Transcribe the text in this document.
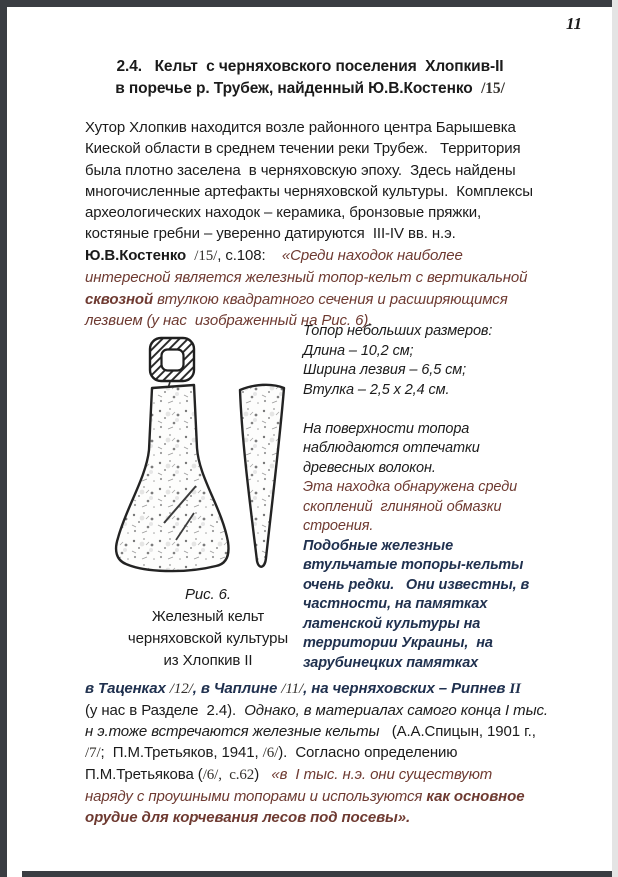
11
2.4.   Кельт  с черняховского поселения  Хлопкив-II
в поречье р. Трубеж, найденный Ю.В.Костенко  /15/
Хутор Хлопкив находится возле районного центра Барышевка
Киеской области в среднем течении реки Трубеж.   Территория
была плотно заселена  в черняховскую эпоху.  Здесь найдены
многочисленные артефакты черняховской культуры.  Комплексы
археологических находок – керамика, бронзовые пряжки,
костяные гребни – уверенно датируются  III-IV вв. н.э.
Ю.В.Костенко /15/, с.108:    «Среди находок наиболее
интересной является железный топор-кельт с вертикальной
сквозной втулкою квадратного сечения и расширяющимся
лезвием (у нас  изображенный на Рис. 6).
Рис. 6.
Железный кельт
черняховской культуры
из Хлопкив II
Топор небольших размеров:
Длина – 10,2 см;
Ширина лезвия – 6,5 см;
Втулка – 2,5 х 2,4 см.

На поверхности топора
наблюдаются отпечатки
древесных волокон.
Эта находка обнаружена среди
скоплений  глиняной обмазки
строения.
Подобные железные
втульчатые топоры-кельты
очень редки.   Они известны, в
частности, на памятках
латенской культуры на
территории Украины,  на
зарубинецких памятках
в Таценках /12/, в Чаплине /11/, на черняховских – Рипнев II
(у нас в Разделе  2.4).  Однако, в материалах самого конца I тыс.
н э.тоже встречаются железные кельты   (А.А.Спицын, 1901 г.,
/7/;  П.М.Третьяков, 1941, /6/).  Согласно определению
П.М.Третьякова (/6/,  с.62)   «в  I тыс. н.э. они существуют
наряду с проушными топорами и используются как основное
орудие для корчевания лесов под посевы».
